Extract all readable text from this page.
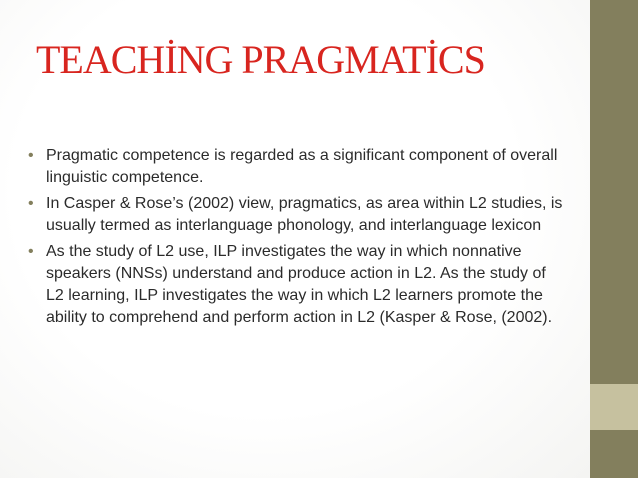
TEACHİNG PRAGMATİCS
• Pragmatic competence is regarded as a significant component of overall linguistic competence.
• In Casper & Rose’s (2002) view, pragmatics, as area within L2 studies, is usually termed as interlanguage phonology, and interlanguage lexicon
• As the study of L2 use, ILP investigates the way in which nonnative speakers (NNSs) understand and produce action in L2. As the study of L2 learning, ILP investigates the way in which L2 learners promote the ability to comprehend and perform action in L2 (Kasper & Rose, (2002).
